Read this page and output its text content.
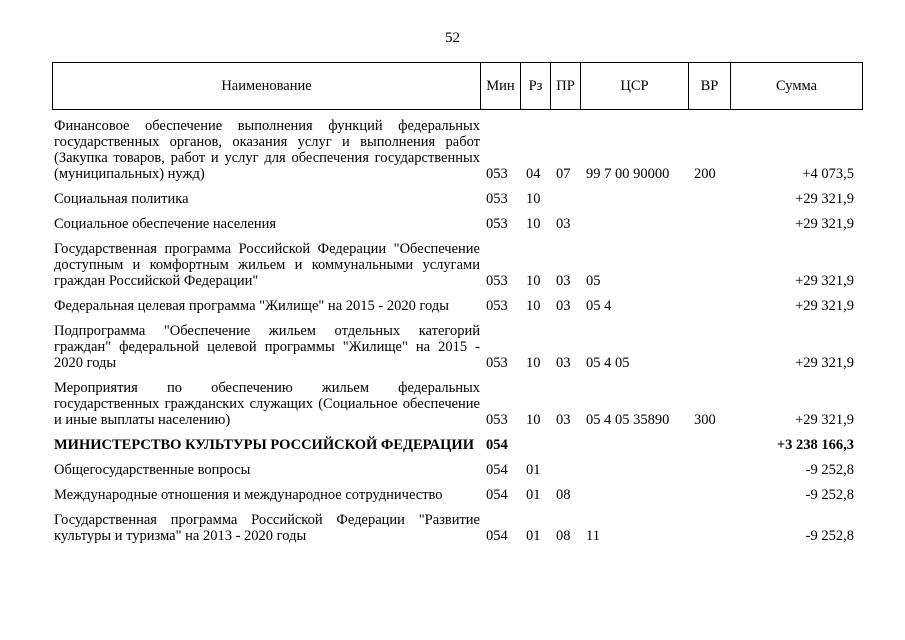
52
Наименование	Мин	Рз	ПР	ЦСР	ВР	Сумма
Финансовое обеспечение выполнения функций федеральных государственных органов, оказания услуг и выполнения работ (Закупка товаров, работ и услуг для обеспечения государственных (муниципальных) нужд)	053	04	07	99 7 00 90000	200	+4 073,5
Социальная политика	053	10				+29 321,9
Социальное обеспечение населения	053	10	03			+29 321,9
Государственная программа Российской Федерации "Обеспечение доступным и комфортным жильем и коммунальными услугами граждан Российской Федерации"	053	10	03	05		+29 321,9
Федеральная целевая программа "Жилище" на 2015 - 2020 годы	053	10	03	05 4		+29 321,9
Подпрограмма "Обеспечение жильем отдельных категорий граждан" федеральной целевой программы "Жилище" на 2015 - 2020 годы	053	10	03	05 4 05		+29 321,9
Мероприятия по обеспечению жильем федеральных государственных гражданских служащих (Социальное обеспечение и иные выплаты населению)	053	10	03	05 4 05 35890	300	+29 321,9
МИНИСТЕРСТВО КУЛЬТУРЫ РОССИЙСКОЙ ФЕДЕРАЦИИ	054					+3 238 166,3
Общегосударственные вопросы	054	01				-9 252,8
Международные отношения и международное сотрудничество	054	01	08			-9 252,8
Государственная программа Российской Федерации "Развитие культуры и туризма" на 2013 - 2020 годы	054	01	08	11		-9 252,8
